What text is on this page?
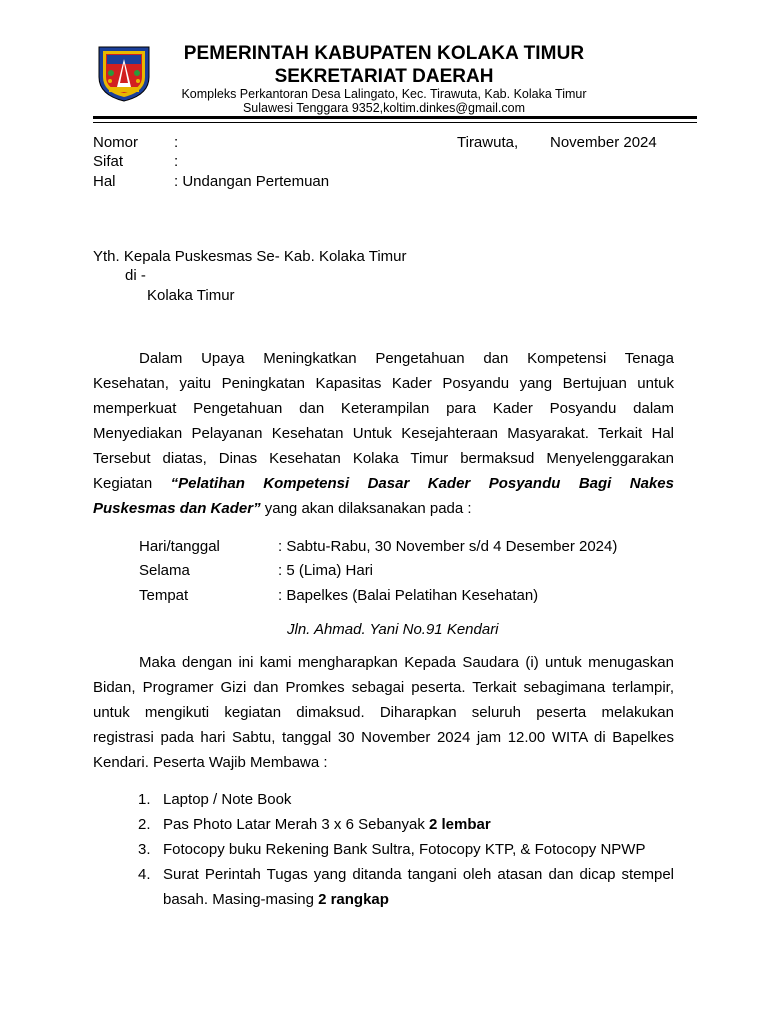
PEMERINTAH KABUPATEN KOLAKA TIMUR
SEKRETARIAT DAERAH
Kompleks Perkantoran Desa Lalingato, Kec. Tirawuta, Kab. Kolaka Timur
Sulawesi Tenggara 9352,koltim.dinkes@gmail.com
Nomor :
Sifat	:
Hal	: Undangan Pertemuan
Tirawuta, November 2024
Yth. Kepala Puskesmas Se- Kab. Kolaka Timur
di -
Kolaka Timur
Dalam Upaya Meningkatkan Pengetahuan dan Kompetensi Tenaga
Kesehatan, yaitu Peningkatan Kapasitas Kader Posyandu yang Bertujuan untuk
memperkuat Pengetahuan dan Keterampilan para Kader Posyandu dalam
Menyediakan Pelayanan Kesehatan Untuk Kesejahteraan Masyarakat. Terkait Hal
Tersebut diatas, Dinas Kesehatan Kolaka Timur bermaksud Menyelenggarakan
Kegiatan “Pelatihan Kompetensi Dasar Kader Posyandu Bagi Nakes
Puskesmas dan Kader” yang akan dilaksanakan pada :
Hari/tanggal	: Sabtu-Rabu, 30 November s/d 4 Desember 2024)
Selama	: 5 (Lima) Hari
Tempat	: Bapelkes (Balai Pelatihan Kesehatan)
Jln. Ahmad. Yani No.91 Kendari
Maka dengan ini kami mengharapkan Kepada Saudara (i) untuk menugaskan
Bidan, Programer Gizi dan Promkes sebagai peserta. Terkait sebagimana terlampir,
untuk mengikuti kegiatan dimaksud. Diharapkan seluruh peserta melakukan
registrasi pada hari Sabtu, tanggal 30 November 2024 jam 12.00 WITA di Bapelkes
Kendari. Peserta Wajib Membawa :
1. Laptop / Note Book
2. Pas Photo Latar Merah 3 x 6 Sebanyak 2 lembar
3. Fotocopy buku Rekening Bank Sultra, Fotocopy KTP, & Fotocopy NPWP
4. Surat Perintah Tugas yang ditanda tangani oleh atasan dan dicap stempel
basah. Masing-masing 2 rangkap
